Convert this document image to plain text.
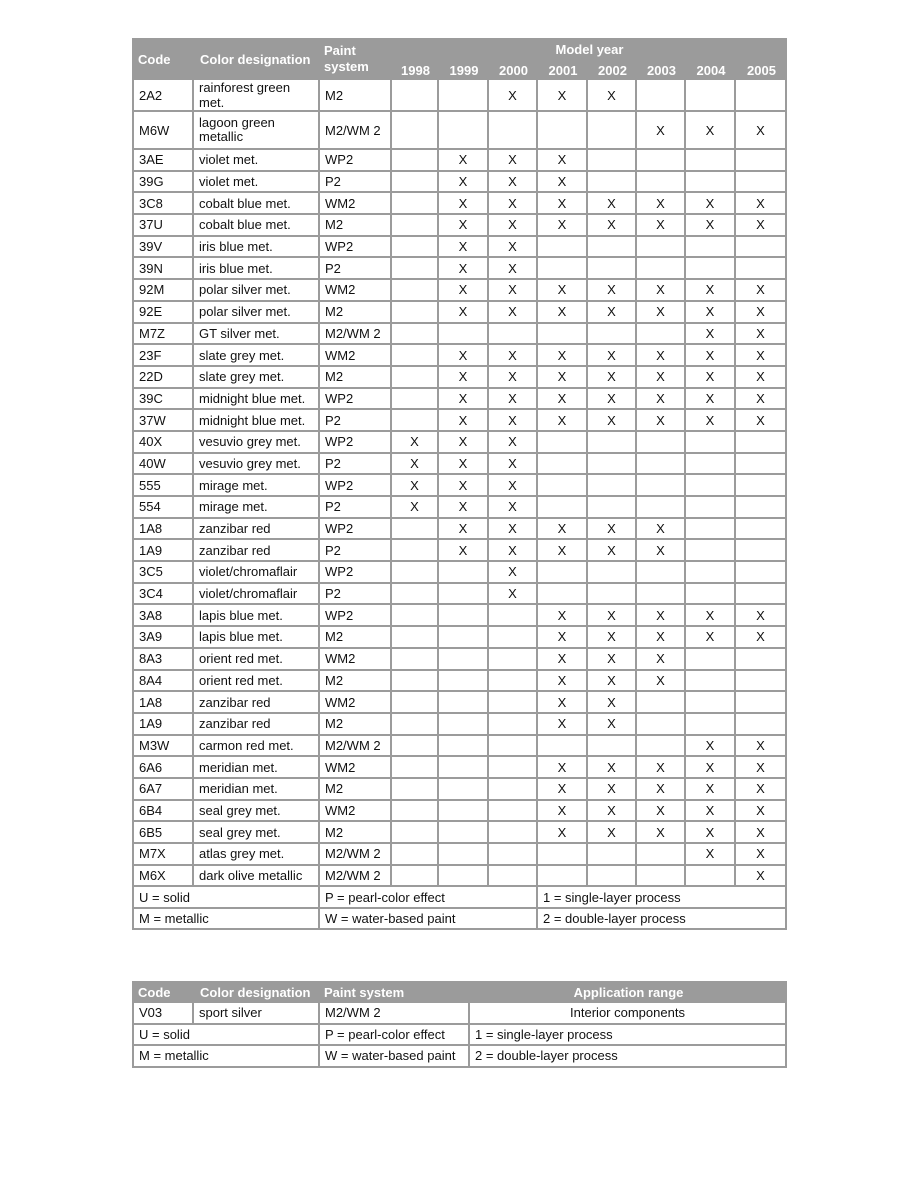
Code	Color designation	Paint system	Model year							
			1998	1999	2000	2001	2002	2003	2004	2005
2A2	rainforest green met.	M2			X	X	X			
M6W	lagoon green metallic	M2/WM 2						X	X	X
3AE	violet met.	WP2		X	X	X				
39G	violet met.	P2		X	X	X				
3C8	cobalt blue met.	WM2		X	X	X	X	X	X	X
37U	cobalt blue met.	M2		X	X	X	X	X	X	X
39V	iris blue met.	WP2		X	X					
39N	iris blue met.	P2		X	X					
92M	polar silver met.	WM2		X	X	X	X	X	X	X
92E	polar silver met.	M2		X	X	X	X	X	X	X
M7Z	GT silver met.	M2/WM 2							X	X
23F	slate grey met.	WM2		X	X	X	X	X	X	X
22D	slate grey met.	M2		X	X	X	X	X	X	X
39C	midnight blue met.	WP2		X	X	X	X	X	X	X
37W	midnight blue met.	P2		X	X	X	X	X	X	X
40X	vesuvio grey met.	WP2	X	X	X					
40W	vesuvio grey met.	P2	X	X	X					
555	mirage met.	WP2	X	X	X					
554	mirage met.	P2	X	X	X					
1A8	zanzibar red	WP2		X	X	X	X	X		
1A9	zanzibar red	P2		X	X	X	X	X		
3C5	violet/chromaflair	WP2			X					
3C4	violet/chromaflair	P2			X					
3A8	lapis blue met.	WP2				X	X	X	X	X
3A9	lapis blue met.	M2				X	X	X	X	X
8A3	orient red met.	WM2				X	X	X		
8A4	orient red met.	M2				X	X	X		
1A8	zanzibar red	WM2				X	X			
1A9	zanzibar red	M2				X	X			
M3W	carmon red met.	M2/WM 2							X	X
6A6	meridian met.	WM2				X	X	X	X	X
6A7	meridian met.	M2				X	X	X	X	X
6B4	seal grey met.	WM2				X	X	X	X	X
6B5	seal grey met.	M2				X	X	X	X	X
M7X	atlas grey met.	M2/WM 2							X	X
M6X	dark olive metallic	M2/WM 2								X
U = solid		P = pearl-color effect				1 = single-layer process				
M = metallic		W = water-based paint				2 = double-layer process				
Code	Color designation	Paint system	Application range
V03	sport silver	M2/WM 2	Interior components
U = solid		P = pearl-color effect	1 = single-layer process
M = metallic		W = water-based paint	2 = double-layer process
